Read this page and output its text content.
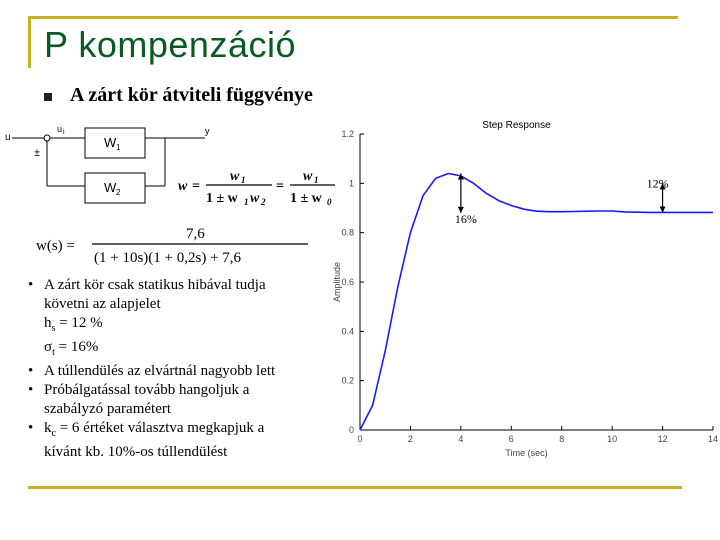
P kompenzáció
A zárt kör átviteli függvénye
u
u i	y
±
W 1
W 2	w =
w 1
1 ± w 1 w 2
=
w 1
1 ± w 0
w(s) =
7,6
(1 + 10s)(1 + 0,2s) + 7,6
• A zárt kör csak statikus hibával tudja
követni az alapjelet
$h_s = 12$ %
$\sigma_t = 16\%$
• A túllendülés az elvártnál nagyobb lett
• Próbálgatással tovább hangoljuk a
szabályzó paramétert
• $k_c = 6$ értéket választva megkapjuk a
kívánt kb. 10%-os túllendülést
Step Response
0	2	4	6	8	10	12	14
0
0.2
0.4
0.6
0.8
1
1.2
Time (sec)
Amplitude
16%
12%
